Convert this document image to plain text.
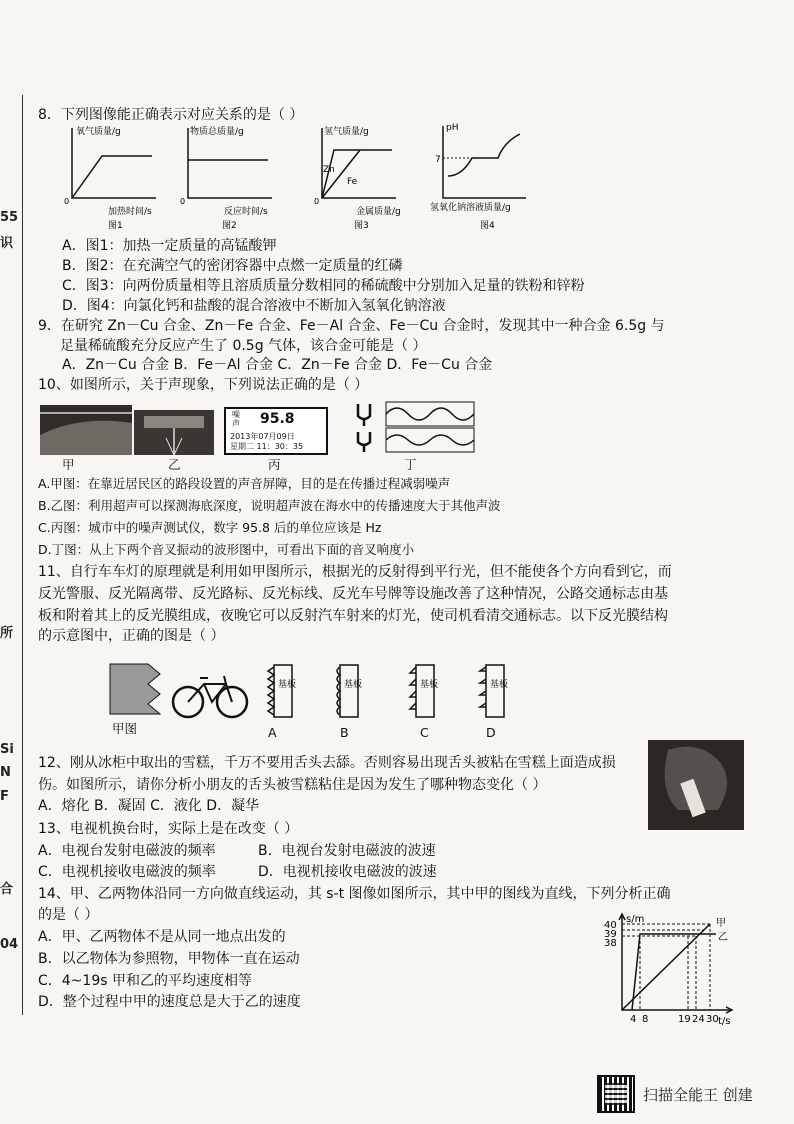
55
识
所
Si
N
F
合
04
8．下列图像能正确表示对应关系的是（ ）
氧气质量/g
加热时间/s
图1
0
物质总质量/g
反应时间/s
图2
0
氢气质量/g
金属质量/g
图3
Zn
Fe
0
pH
7
氢氧化钠溶液质量/g
图4
A．图1：加热一定质量的高锰酸钾
B．图2：在充满空气的密闭容器中点燃一定质量的红磷
C．图3：向两份质量相等且溶质质量分数相同的稀硫酸中分别加入足量的铁粉和锌粉
D．图4：向氯化钙和盐酸的混合溶液中不断加入氢氧化钠溶液
9．在研究 Zn－Cu 合金、Zn－Fe 合金、Fe－Al 合金、Fe－Cu 合金时，发现其中一种合金 6.5g 与
足量稀硫酸充分反应产生了 0.5g 气体，该合金可能是（ ）
A．Zn－Cu 合金 B．Fe－Al 合金 C．Zn－Fe 合金 D．Fe－Cu 合金
10、如图所示，关于声现象，下列说法正确的是（ ）
噪
声 95.8
2013年07月09日
星期二 11：30：35
甲	乙	丙	丁
A.甲图：在靠近居民区的路段设置的声音屏障，目的是在传播过程减弱噪声
B.乙图：利用超声可以探测海底深度，说明超声波在海水中的传播速度大于其他声波
C.丙图：城市中的噪声测试仪，数字 95.8 后的单位应该是 Hz
D.丁图：从上下两个音叉振动的波形图中，可看出下面的音叉响度小
11、自行车车灯的原理就是利用如甲图所示，根据光的反射得到平行光，但不能使各个方向看到它，而
反光警服、反光隔离带、反光路标、反光标线、反光车号牌等设施改善了这种情况，公路交通标志由基
板和附着其上的反光膜组成，夜晚它可以反射汽车射来的灯光，使司机看清交通标志。以下反光膜结构
的示意图中，正确的图是（ ）
甲图
基板	基板	基板	基板
A	B	C	D
12、刚从冰柜中取出的雪糕，千万不要用舌头去舔。否则容易出现舌头被粘在雪糕上面造成损
伤。如图所示，请你分析小朋友的舌头被雪糕粘住是因为发生了哪种物态变化（ ）
A．熔化 B．凝固 C．液化 D．凝华
13、电视机换台时，实际上是在改变（ ）
A．电视台发射电磁波的频率	B．电视台发射电磁波的波速
C．电视机接收电磁波的频率	D．电视机接收电磁波的波速
14、甲、乙两物体沿同一方向做直线运动，其 s-t 图像如图所示，其中甲的图线为直线，下列分析正确
的是（ ）
A．甲、乙两物体不是从同一地点出发的
B．以乙物体为参照物，甲物体一直在运动
C．4~19s 甲和乙的平均速度相等
D．整个过程中甲的速度总是大于乙的速度
s/m
t/s
40
39
38
4 8	19 24 30
甲
乙
扫描全能王 创建
